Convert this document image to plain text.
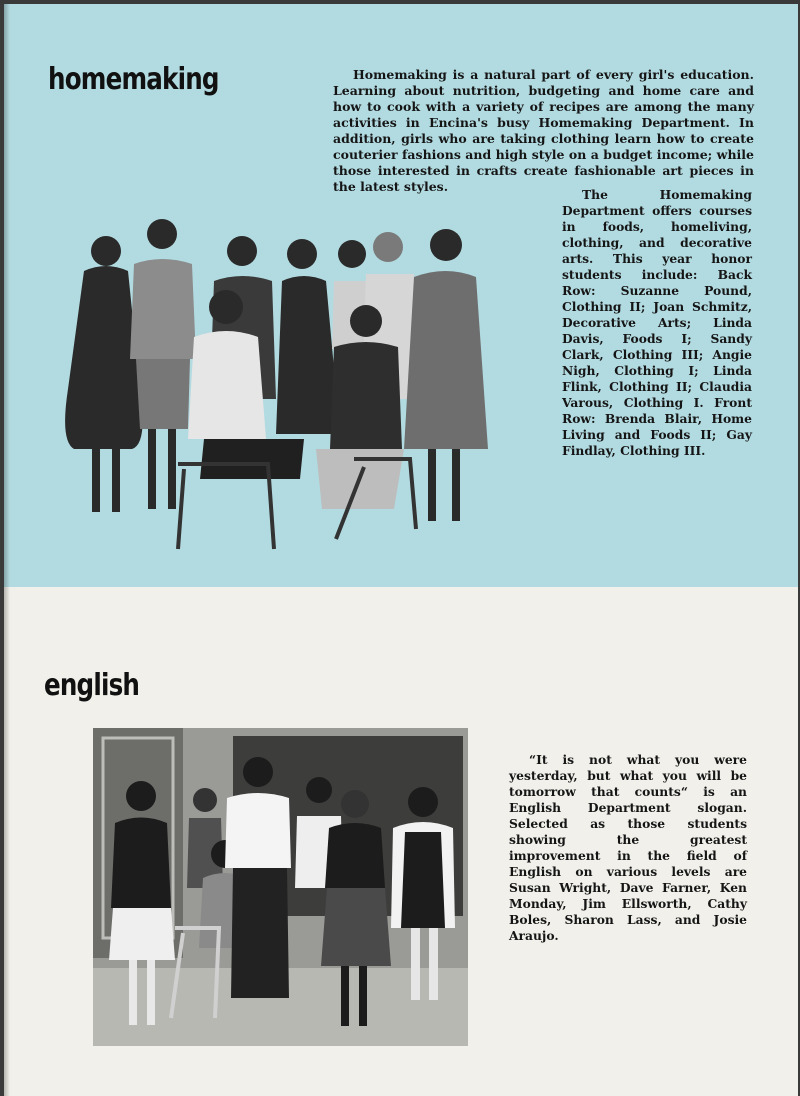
homemaking	Homemaking is a natural part of every girl's education. Learning about nutrition, budgeting and home care and how to cook with a variety of recipes are among the many activities in Encina's busy Homemaking Department. In addition, girls who are taking clothing learn how to create couterier fashions and high style on a budget income; while those interested in crafts create fashionable art pieces in the latest styles.

The Homemaking Department offers courses in foods, homeliving, clothing, and decorative arts. This year honor students include: Back Row: Suzanne Pound, Clothing II; Joan Schmitz, Decorative Arts; Linda Davis, Foods I; Sandy Clark, Clothing III; Angie Nigh, Clothing I; Linda Flink, Clothing II; Claudia Varous, Clothing I. Front Row: Brenda Blair, Home Living and Foods II; Gay Findlay, Clothing III.

english

“It is not what you were yesterday, but what you will be tomorrow that counts“ is an English Department slogan. Selected as those students showing the greatest improvement in the field of English on various levels are Susan Wright, Dave Farner, Ken Monday, Jim Ellsworth, Cathy Boles, Sharon Lass, and Josie Araujo.
